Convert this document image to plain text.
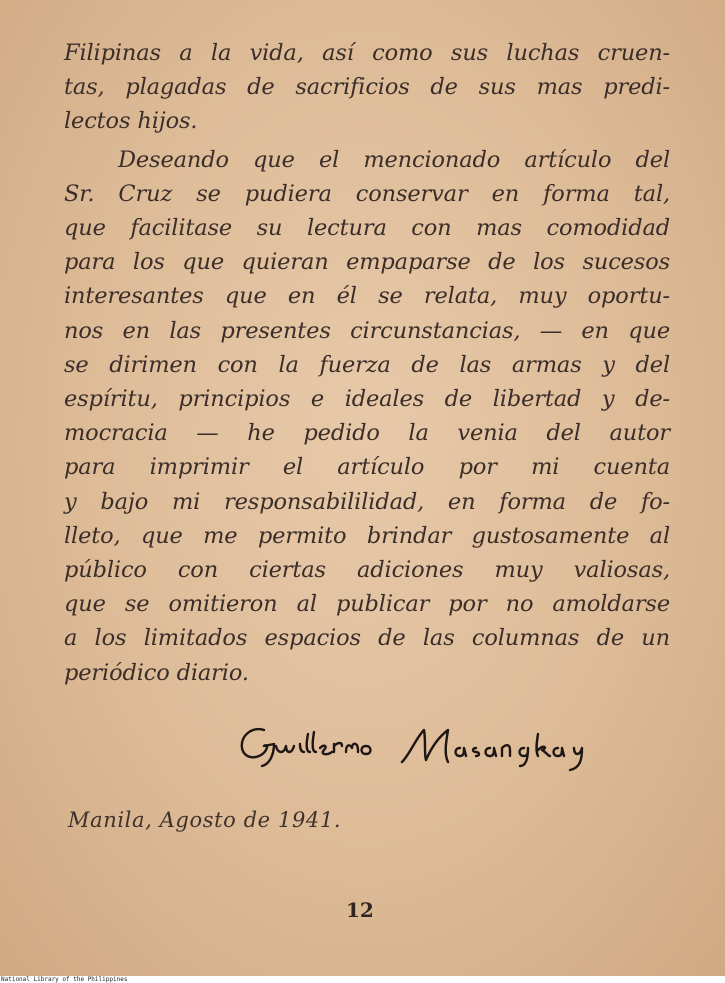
Filipinas a la vida, así como sus luchas cruen-
tas, plagadas de sacrificios de sus mas predi-
lectos hijos.
Deseando que el mencionado artículo del
Sr. Cruz se pudiera conservar en forma tal,
que facilitase su lectura con mas comodidad
para los que quieran empaparse de los sucesos
interesantes que en él se relata, muy oportu-
nos en las presentes circunstancias, — en que
se dirimen con la fuerza de las armas y del
espíritu, principios e ideales de libertad y de-
mocracia — he pedido la venia del autor
para imprimir el artículo por mi cuenta
y bajo mi responsabililidad, en forma de fo-
lleto, que me permito brindar gustosamente al
público con ciertas adiciones muy valiosas,
que se omitieron al publicar por no amoldarse
a los limitados espacios de las columnas de un
periódico diario.
Manila, Agosto de 1941.
12
National Library of the Philippines
